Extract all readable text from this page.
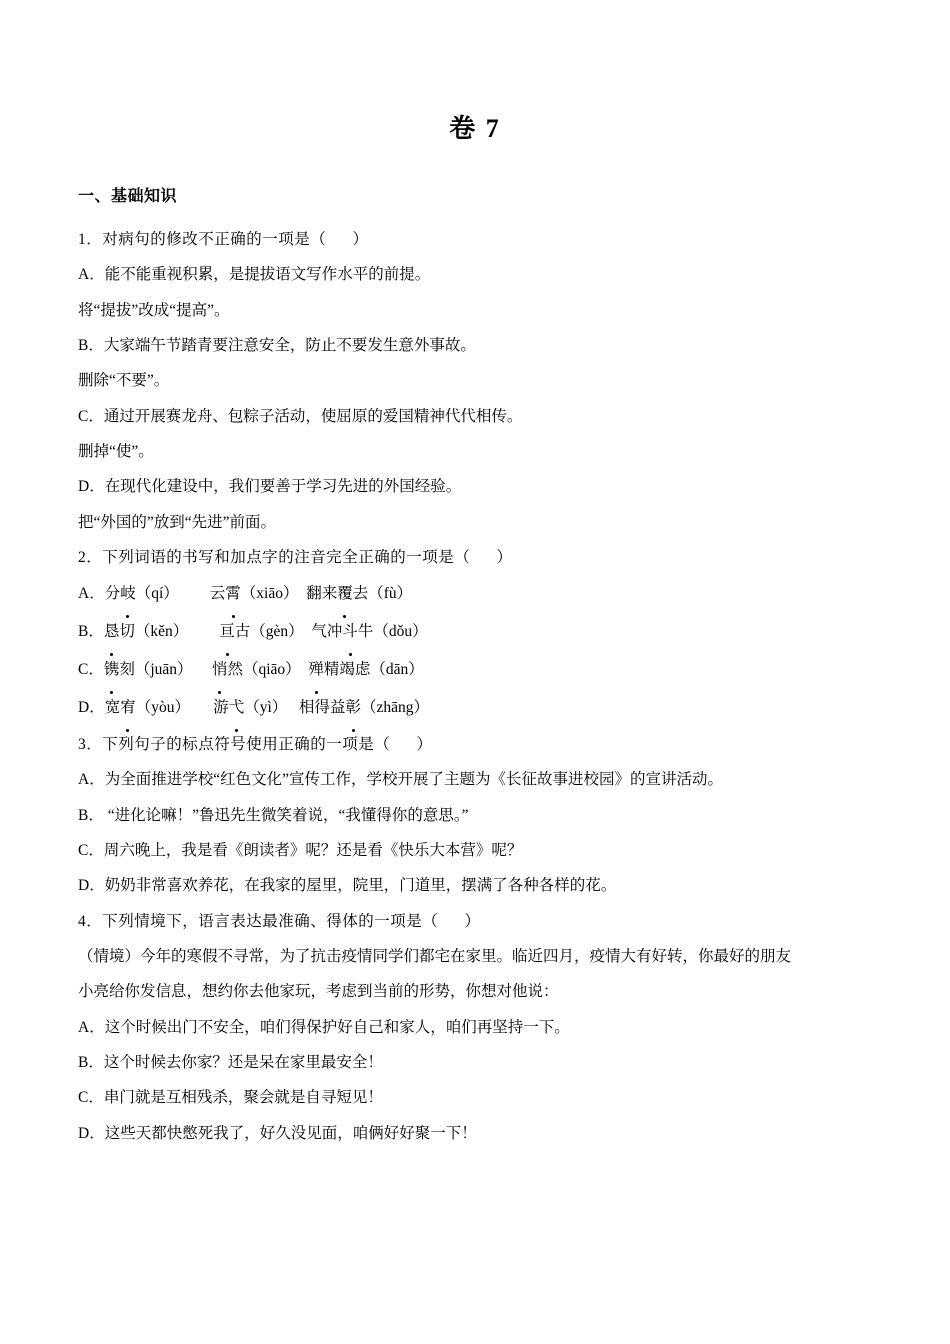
卷 7
一、基础知识

1．对病句的修改不正确的一项是（      ）

A．能不能重视积累，是提拔语文写作水平的前提。

将“提拔”改成“提高”。

B．大家端午节踏青要注意安全，防止不要发生意外事故。

删除“不要”。

C．通过开展赛龙舟、包粽子活动，使屈原的爱国精神代代相传。

删掉“使”。

D．在现代化建设中，我们要善于学习先进的外国经验。

把“外国的”放到“先进”前面。

2．下列词语的书写和加点字的注音完全正确的一项是（      ）

A．分岐（qí）        云霄（xiāo）  翻来覆去（fù）

B．恳切（kěn）        亘古（gèn）  气冲斗牛（dǒu）

C．镌刻（juān）     悄然（qiāo）  殚精竭虑（dān）

D．宽宥（yòu）      游弋（yì）   相得益彰（zhāng）

3．下列句子的标点符号使用正确的一项是（      ）

A．为全面推进学校“红色文化”宣传工作，学校开展了主题为《长征故事进校园》的宣讲活动。

B． “进化论嘛！”鲁迅先生微笑着说，“我懂得你的意思。”

C．周六晚上，我是看《朗读者》呢？还是看《快乐大本营》呢？

D．奶奶非常喜欢养花，在我家的屋里，院里，门道里，摆满了各种各样的花。

4．下列情境下，语言表达最准确、得体的一项是（      ）

（情境）今年的寒假不寻常，为了抗击疫情同学们都宅在家里。临近四月，疫情大有好转，你最好的朋友

小亮给你发信息，想约你去他家玩，考虑到当前的形势，你想对他说：

A．这个时候出门不安全，咱们得保护好自己和家人，咱们再坚持一下。

B．这个时候去你家？还是呆在家里最安全！

C．串门就是互相残杀，聚会就是自寻短见！

D．这些天都快憋死我了，好久没见面，咱俩好好聚一下！
